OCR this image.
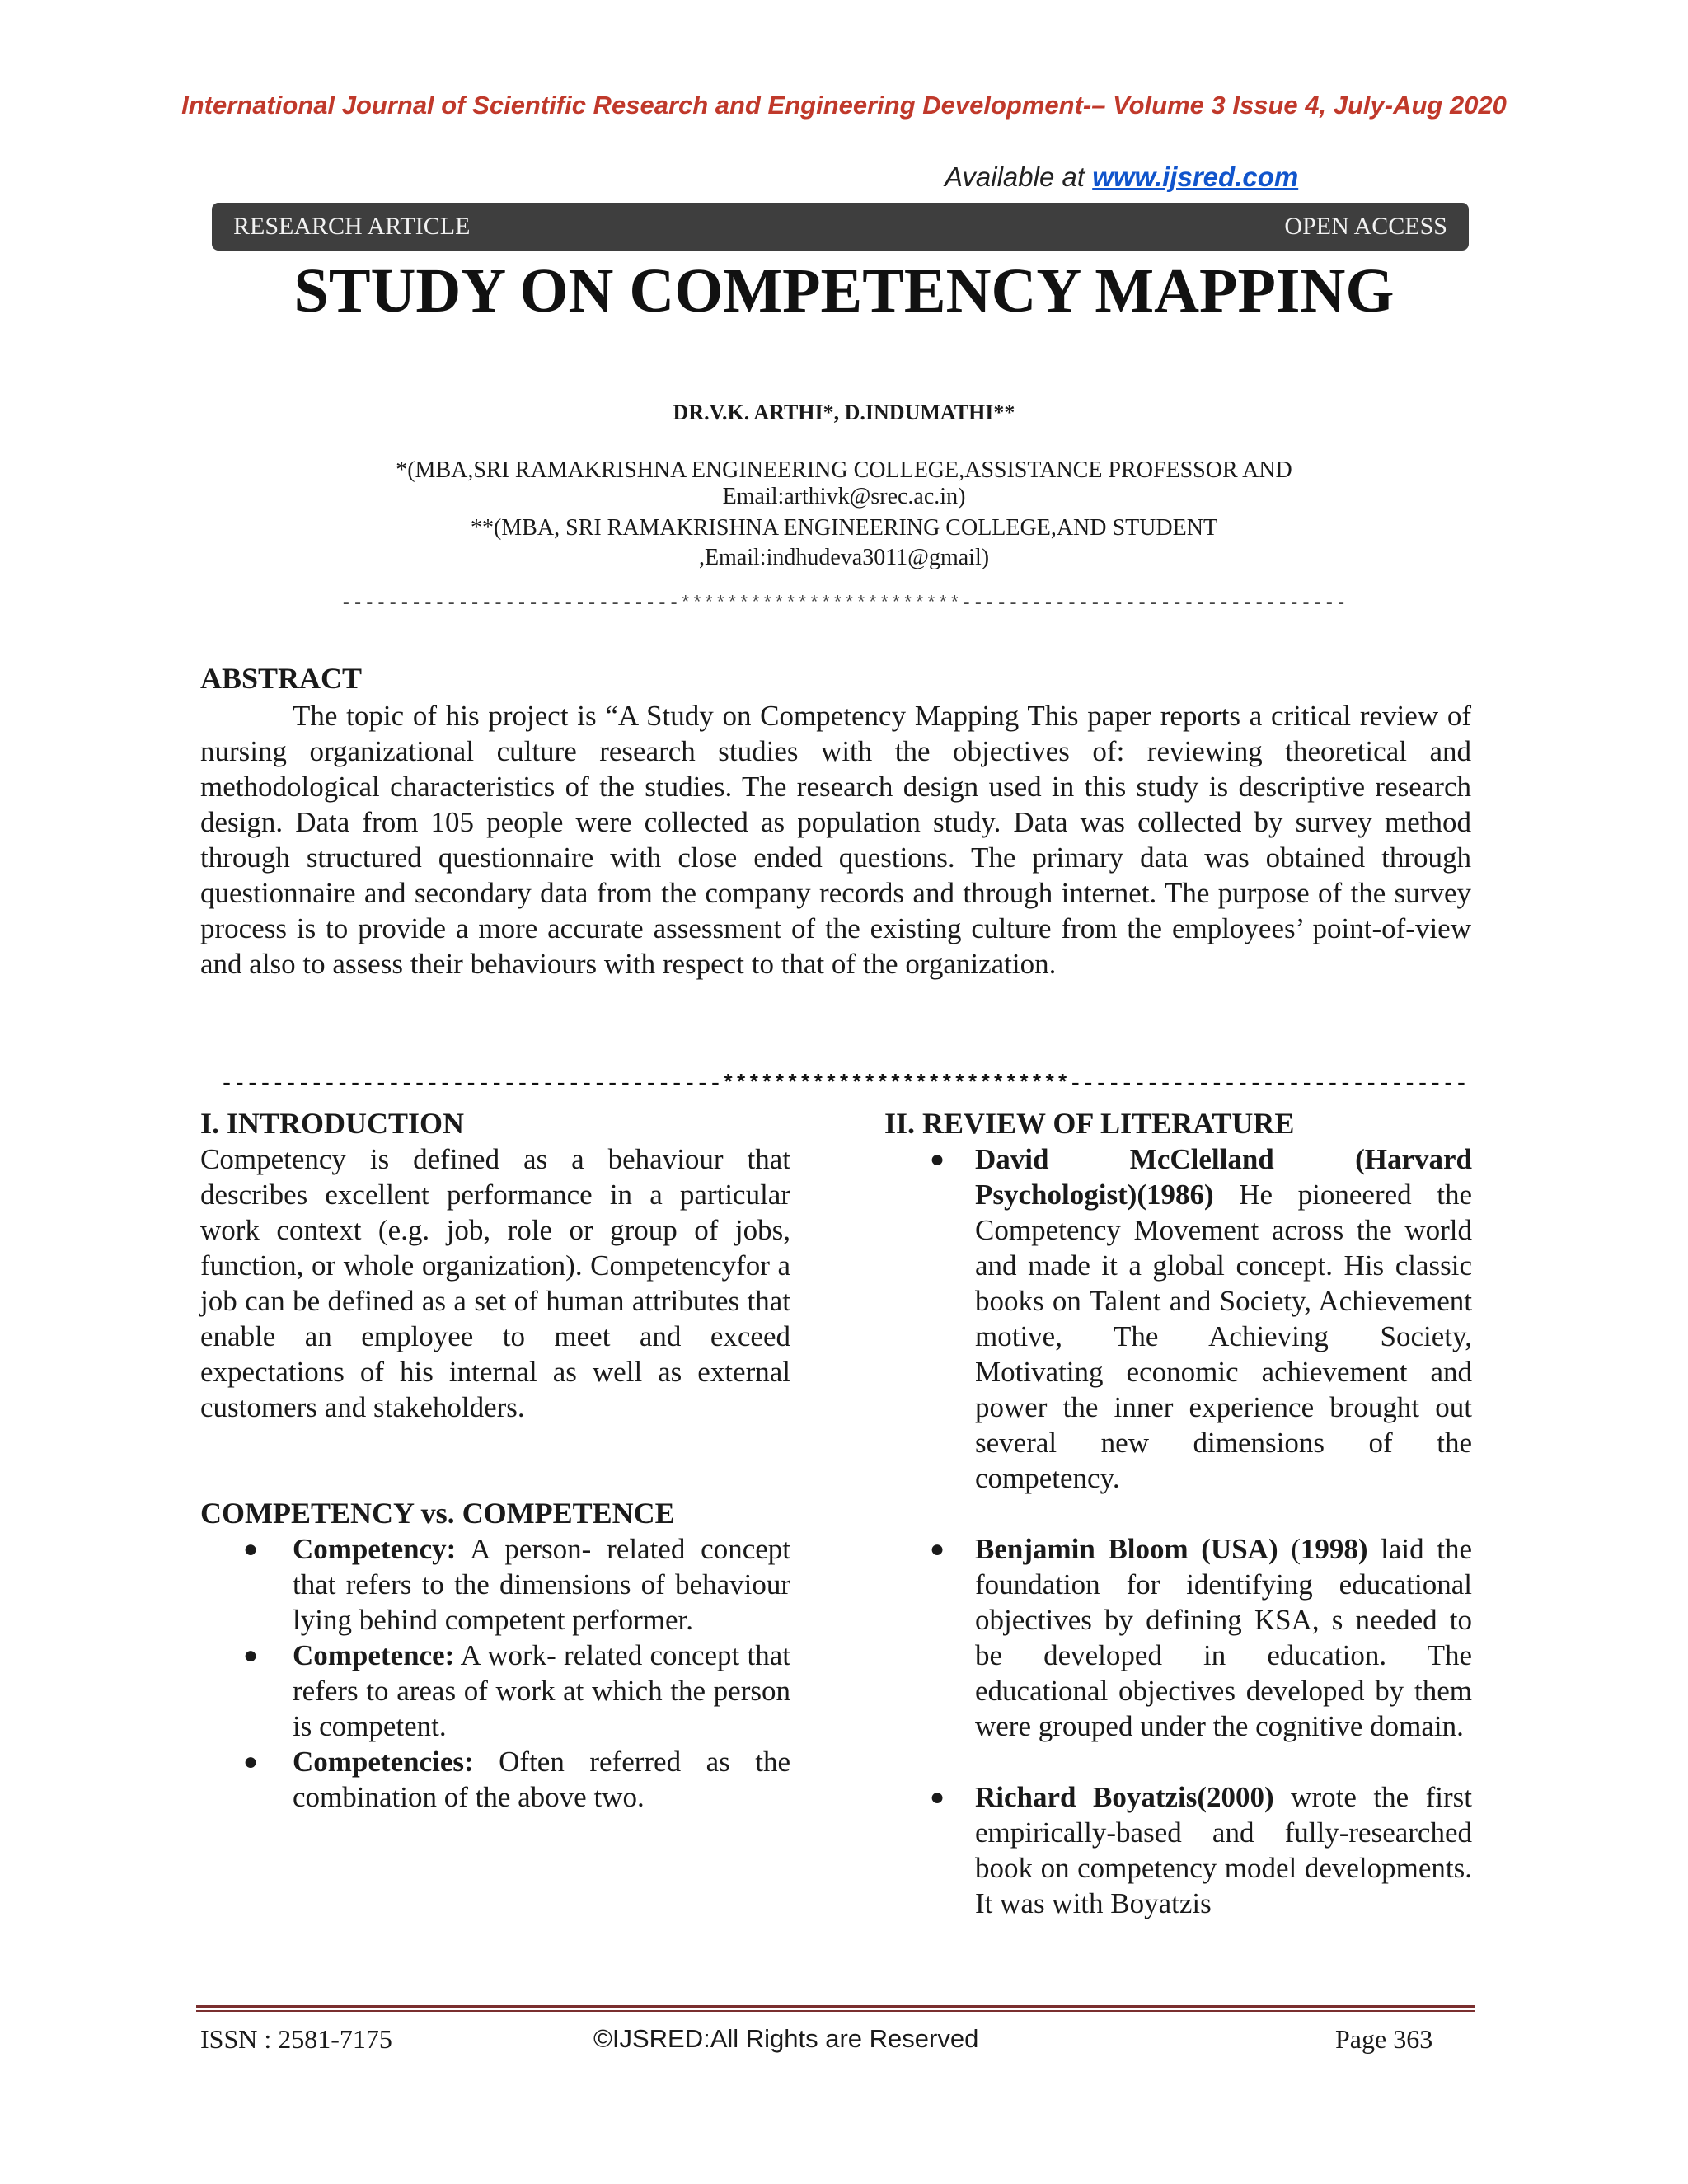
International Journal of Scientific Research and Engineering Development-– Volume 3 Issue 4, July-Aug 2020
Available at www.ijsred.com
RESEARCH ARTICLE	OPEN ACCESS
STUDY ON COMPETENCY MAPPING
DR.V.K. ARTHI*, D.INDUMATHI**
*(MBA,SRI RAMAKRISHNA ENGINEERING COLLEGE,ASSISTANCE PROFESSOR AND
Email:arthivk@srec.ac.in)
**(MBA, SRI RAMAKRISHNA ENGINEERING COLLEGE,AND STUDENT
,Email:indhudeva3011@gmail)
-----------------------------************************---------------------------------
ABSTRACT
The topic of his project is “A Study on Competency Mapping This paper reports a critical review of nursing organizational culture research studies with the objectives of: reviewing theoretical and methodological characteristics of the studies. The research design used in this study is descriptive research design. Data from 105 people were collected as population study. Data was collected by survey method through structured questionnaire with close ended questions. The primary data was obtained through questionnaire and secondary data from the company records and through internet. The purpose of the survey process is to provide a more accurate assessment of the existing culture from the employees’ point-of-view and also to assess their behaviours with respect to that of the organization.
---------------------------------------***************************-------------------------------
I. INTRODUCTION
Competency is defined as a behaviour that describes excellent performance in a particular work context (e.g. job, role or group of jobs, function, or whole organization). Competencyfor a job can be defined as a set of human attributes that enable an employee to meet and exceed expectations of his internal as well as external customers and stakeholders.
COMPETENCY vs. COMPETENCE
● Competency: A person- related concept that refers to the dimensions of behaviour lying behind competent performer.
● Competence: A work- related concept that refers to areas of work at which the person is competent.
● Competencies: Often referred as the combination of the above two.
II. REVIEW OF LITERATURE
● David McClelland (Harvard Psychologist)(1986) He pioneered the Competency Movement across the world and made it a global concept. His classic books on Talent and Society, Achievement motive, The Achieving Society, Motivating economic achievement and power the inner experience brought out several new dimensions of the competency.
● Benjamin Bloom (USA) (1998) laid the foundation for identifying educational objectives by defining KSA, s needed to be developed in education. The educational objectives developed by them were grouped under the cognitive domain.
● Richard Boyatzis(2000) wrote the first empirically-based and fully-researched book on competency model developments. It was with Boyatzis
ISSN : 2581-7175	©IJSRED:All Rights are Reserved	Page 363
